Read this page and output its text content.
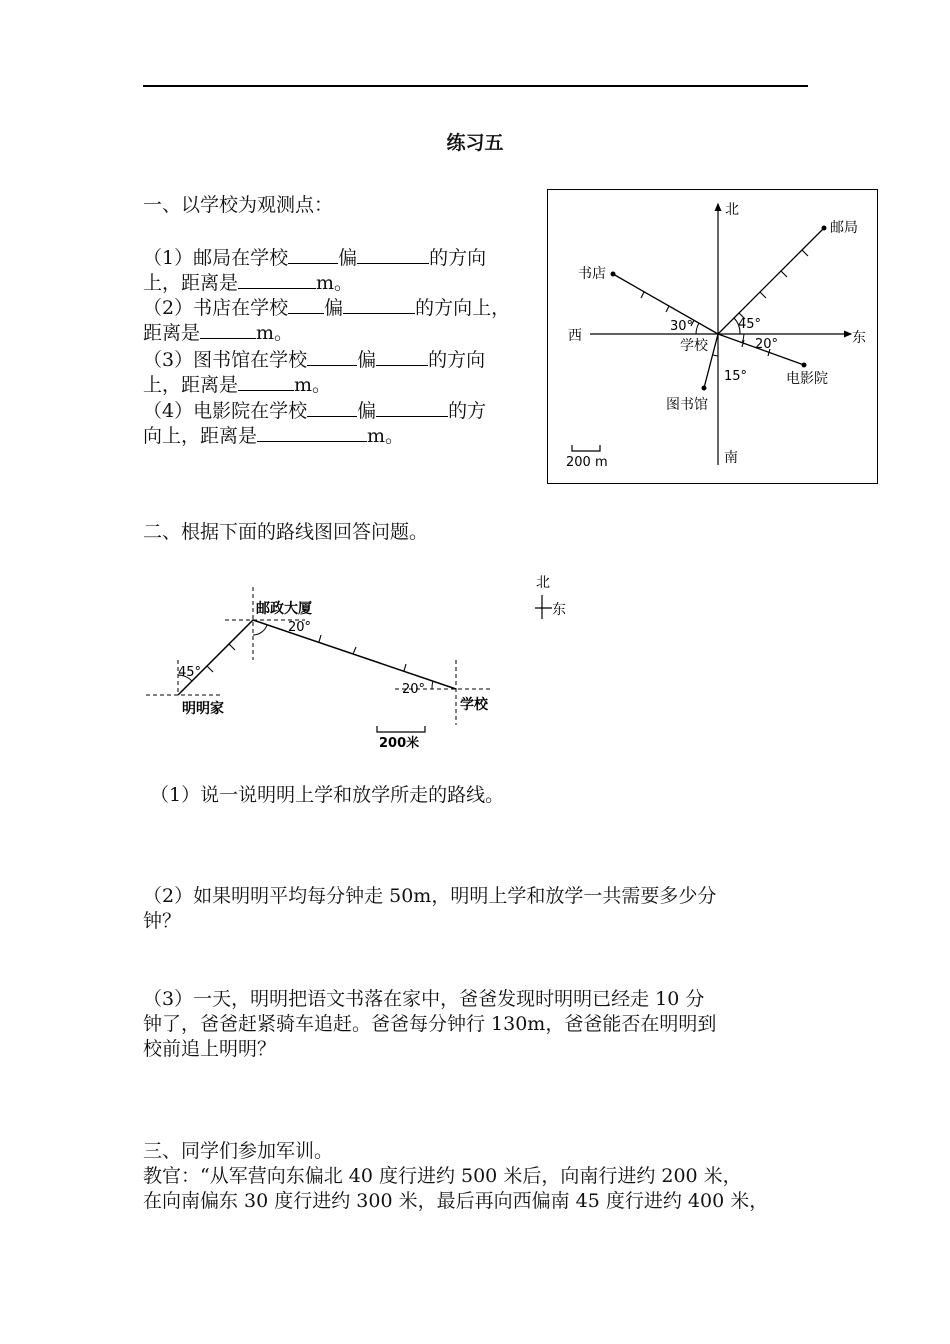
练习五
一、以学校为观测点：
（1）邮局在学校	偏	的方向
上，距离是	m。
（2）书店在学校 偏	的方向上，
距离是	m。
（3）图书馆在学校	偏	的方向
上，距离是	m。
（4）电影院在学校	偏	的方
向上，距离是	m。
北
南
东
西
邮局
书店
电影院
图书馆
45°
30°
20°
15°
学校
200 m
二、根据下面的路线图回答问题。
45°
20°
20°
邮政大厦
明明家	学校
北
东
200米
（1）说一说明明上学和放学所走的路线。
（2）如果明明平均每分钟走 50m，明明上学和放学一共需要多少分
钟？
（3）一天，明明把语文书落在家中，爸爸发现时明明已经走 10 分
钟了，爸爸赶紧骑车追赶。爸爸每分钟行 130m，爸爸能否在明明到
校前追上明明？
三、同学们参加军训。
教官：“从军营向东偏北 40 度行进约 500 米后，向南行进约 200 米，
在向南偏东 30 度行进约 300 米，最后再向西偏南 45 度行进约 400 米，
